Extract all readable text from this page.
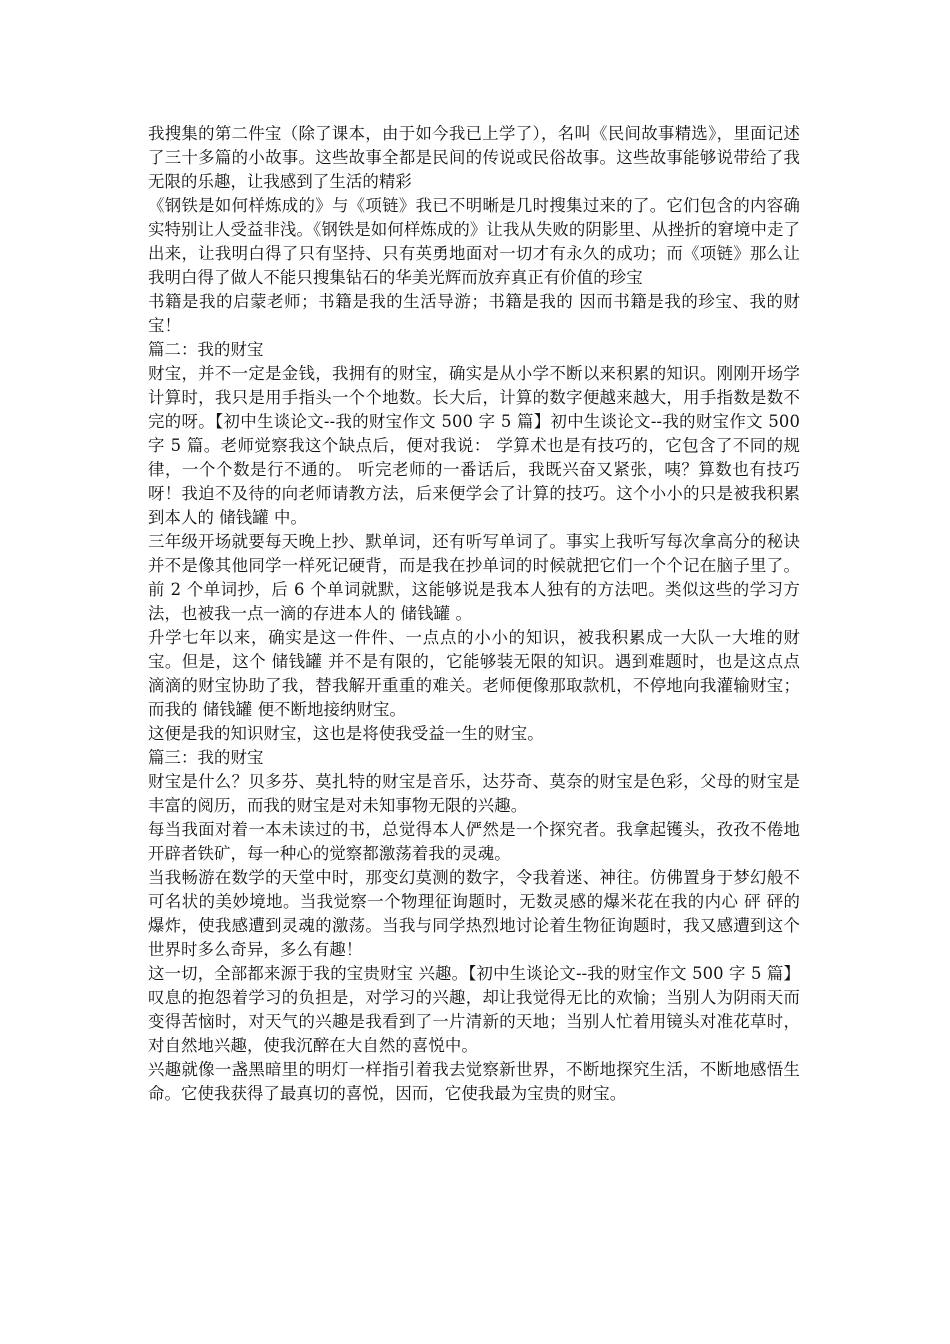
我搜集的第二件宝（除了课本，由于如今我已上学了），名叫《民间故事精选》，里面记述了三十多篇的小故事。这些故事全都是民间的传说或民俗故事。这些故事能够说带给了我无限的乐趣，让我感到了生活的精彩

《钢铁是如何样炼成的》与《项链》我已不明晰是几时搜集过来的了。它们包含的内容确实特别让人受益非浅。《钢铁是如何样炼成的》让我从失败的阴影里、从挫折的窘境中走了出来，让我明白得了只有坚持、只有英勇地面对一切才有永久的成功；而《项链》那么让我明白得了做人不能只搜集钻石的华美光辉而放弃真正有价值的珍宝

书籍是我的启蒙老师；书籍是我的生活导游；书籍是我的 因而书籍是我的珍宝、我的财宝！

篇二：我的财宝

财宝，并不一定是金钱，我拥有的财宝，确实是从小学不断以来积累的知识。刚刚开场学计算时，我只是用手指头一个个地数。长大后，计算的数字便越来越大，用手指数是数不完的呀。【初中生谈论文--我的财宝作文 500 字 5 篇】初中生谈论文--我的财宝作文 500 字 5 篇。老师觉察我这个缺点后，便对我说： 学算术也是有技巧的，它包含了不同的规律，一个个数是行不通的。 听完老师的一番话后，我既兴奋又紧张，咦？算数也有技巧呀！我迫不及待的向老师请教方法，后来便学会了计算的技巧。这个小小的只是被我积累到本人的 储钱罐 中。

三年级开场就要每天晚上抄、默单词，还有听写单词了。事实上我听写每次拿高分的秘诀并不是像其他同学一样死记硬背，而是我在抄单词的时候就把它们一个个记在脑子里了。前 2 个单词抄，后 6 个单词就默，这能够说是我本人独有的方法吧。类似这些的学习方法，也被我一点一滴的存进本人的 储钱罐 。

升学七年以来，确实是这一件件、一点点的小小的知识，被我积累成一大队一大堆的财宝。但是，这个 储钱罐 并不是有限的，它能够装无限的知识。遇到难题时，也是这点点滴滴的财宝协助了我，替我解开重重的难关。老师便像那取款机，不停地向我灌输财宝；而我的 储钱罐 便不断地接纳财宝。

这便是我的知识财宝，这也是将使我受益一生的财宝。

篇三：我的财宝

财宝是什么？贝多芬、莫扎特的财宝是音乐，达芬奇、莫奈的财宝是色彩，父母的财宝是丰富的阅历，而我的财宝是对未知事物无限的兴趣。

每当我面对着一本未读过的书，总觉得本人俨然是一个探究者。我拿起镬头，孜孜不倦地开辟者铁矿，每一种心的觉察都激荡着我的灵魂。

当我畅游在数学的天堂中时，那变幻莫测的数字，令我着迷、神往。仿佛置身于梦幻般不可名状的美妙境地。当我觉察一个物理征询题时，无数灵感的爆米花在我的内心 砰 砰的爆炸，使我感遭到灵魂的激荡。当我与同学热烈地讨论着生物征询题时，我又感遭到这个世界时多么奇异，多么有趣！

这一切，全部都来源于我的宝贵财宝 兴趣。【初中生谈论文--我的财宝作文 500 字 5 篇】叹息的抱怨着学习的负担是，对学习的兴趣，却让我觉得无比的欢愉；当别人为阴雨天而变得苦恼时，对天气的兴趣是我看到了一片清新的天地；当别人忙着用镜头对准花草时，对自然地兴趣，使我沉醉在大自然的喜悦中。

兴趣就像一盏黑暗里的明灯一样指引着我去觉察新世界，不断地探究生活，不断地感悟生命。它使我获得了最真切的喜悦，因而，它使我最为宝贵的财宝。
